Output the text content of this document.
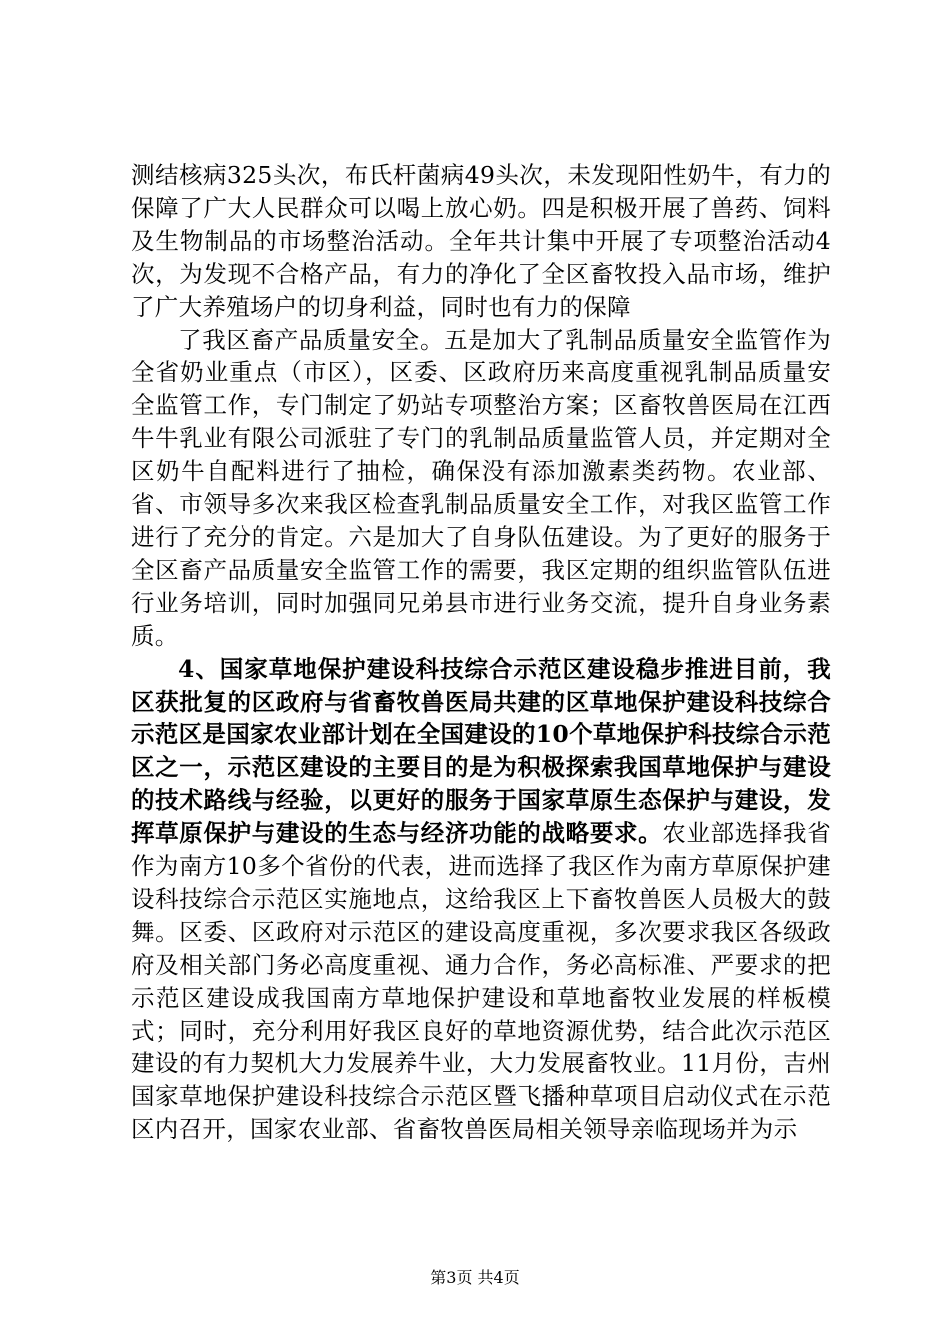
测结核病325头次，布氏杆菌病49头次，未发现阳性奶牛，有力的保障了广大人民群众可以喝上放心奶。四是积极开展了兽药、饲料及生物制品的市场整治活动。全年共计集中开展了专项整治活动4次，为发现不合格产品，有力的净化了全区畜牧投入品市场，维护了广大养殖场户的切身利益，同时也有力的保障

了我区畜产品质量安全。五是加大了乳制品质量安全监管作为全省奶业重点（市区），区委、区政府历来高度重视乳制品质量安全监管工作，专门制定了奶站专项整治方案；区畜牧兽医局在江西牛牛乳业有限公司派驻了专门的乳制品质量监管人员，并定期对全区奶牛自配料进行了抽检，确保没有添加激素类药物。农业部、省、市领导多次来我区检查乳制品质量安全工作，对我区监管工作进行了充分的肯定。六是加大了自身队伍建设。为了更好的服务于全区畜产品质量安全监管工作的需要，我区定期的组织监管队伍进行业务培训，同时加强同兄弟县市进行业务交流，提升自身业务素质。

4、国家草地保护建设科技综合示范区建设稳步推进目前，我区获批复的区政府与省畜牧兽医局共建的区草地保护建设科技综合示范区是国家农业部计划在全国建设的10个草地保护科技综合示范区之一，示范区建设的主要目的是为积极探索我国草地保护与建设的技术路线与经验，以更好的服务于国家草原生态保护与建设，发挥草原保护与建设的生态与经济功能的战略要求。农业部选择我省作为南方10多个省份的代表，进而选择了我区作为南方草原保护建设科技综合示范区实施地点，这给我区上下畜牧兽医人员极大的鼓舞。区委、区政府对示范区的建设高度重视，多次要求我区各级政府及相关部门务必高度重视、通力合作，务必高标准、严要求的把示范区建设成我国南方草地保护建设和草地畜牧业发展的样板模式；同时，充分利用好我区良好的草地资源优势，结合此次示范区建设的有力契机大力发展养牛业，大力发展畜牧业。11月份，吉州国家草地保护建设科技综合示范区暨飞播种草项目启动仪式在示范区内召开，国家农业部、省畜牧兽医局相关领导亲临现场并为示

第3页 共4页
